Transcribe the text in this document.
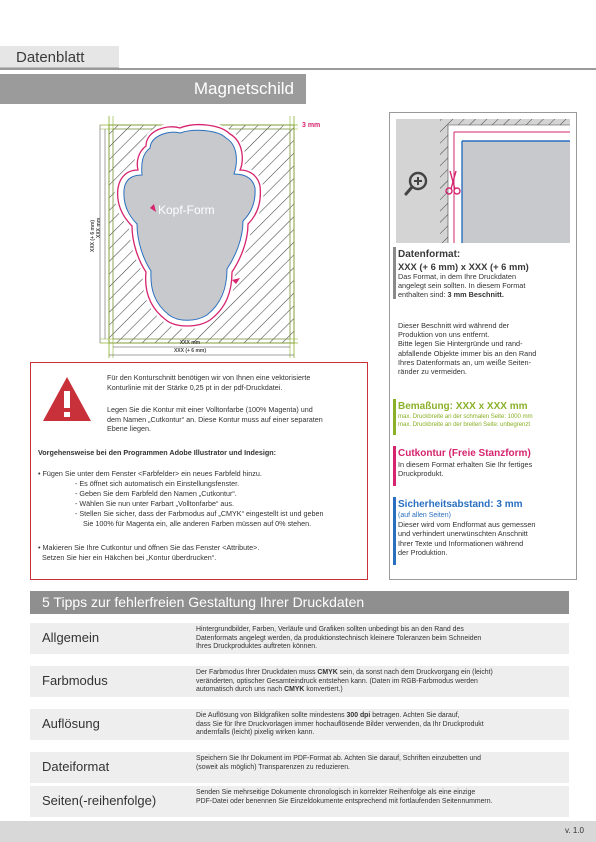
Datenblatt
Magnetschild
3 mm
Kopf-Form
XXX mm
XXX (+ 6 mm)
XXX (+ 6 mm) XXX mm
Datenformat:
XXX (+ 6 mm) x XXX (+ 6 mm)
Das Format, in dem Ihre Druckdaten
angelegt sein sollten. In diesem Format
enthalten sind: 3 mm Beschnitt.
Dieser Beschnitt wird während der
Produktion von uns entfernt.
Bitte legen Sie Hintergründe und rand-
abfallende Objekte immer bis an den Rand
Ihres Datenformats an, um weiße Seiten-
ränder zu vermeiden.
Bemaßung: XXX x XXX mm
max. Druckbreite an der schmalen Seite: 1000 mm
max. Druckbreite an der breiten Seite: unbegrenzt
Cutkontur (Freie Stanzform)
In diesem Format erhalten Sie Ihr fertiges
Druckprodukt.
Sicherheitsabstand: 3 mm
(auf allen Seiten)
Dieser wird vom Endformat aus gemessen
und verhindert unerwünschten Anschnitt
Ihrer Texte und Informationen während
der Produktion.
Für den Konturschnitt benötigen wir von Ihnen eine vektorisierte
Konturlinie mit der Stärke 0,25 pt in der pdf-Druckdatei.
Legen Sie die Kontur mit einer Volltonfarbe (100% Magenta) und
dem Namen „Cutkontur“ an. Diese Kontur muss auf einer separaten
Ebene liegen.
Vorgehensweise bei den Programmen Adobe Illustrator und Indesign:
• Fügen Sie unter dem Fenster <Farbfelder> ein neues Farbfeld hinzu.
- Es öffnet sich automatisch ein Einstellungsfenster.
- Geben Sie dem Farbfeld den Namen „Cutkontur“.
- Wählen Sie nun unter Farbart „Volltonfarbe“ aus.
- Stellen Sie sicher, dass der Farbmodus auf „CMYK“ eingestellt ist und geben
Sie 100% für Magenta ein, alle anderen Farben müssen auf 0% stehen.
• Makieren Sie Ihre Cutkontur und öffnen Sie das Fenster <Attribute>.
Setzen Sie hier ein Häkchen bei „Kontur überdrucken“.
5 Tipps zur fehlerfreien Gestaltung Ihrer Druckdaten
Allgemein
Hintergrundbilder, Farben, Verläufe und Grafiken sollten unbedingt bis an den Rand des
Datenformats angelegt werden, da produktionstechnisch kleinere Toleranzen beim Schneiden
Ihres Druckproduktes auftreten können.
Farbmodus
Der Farbmodus Ihrer Druckdaten muss CMYK sein, da sonst nach dem Druckvorgang ein (leicht)
veränderten, optischer Gesamteindruck entstehen kann. (Daten im RGB-Farbmodus werden
automatisch durch uns nach CMYK konvertiert.)
Auflösung
Die Auflösung von Bildgrafiken sollte mindestens 300 dpi betragen. Achten Sie darauf,
dass Sie für Ihre Druckvorlagen immer hochauflösende Bilder verwenden, da Ihr Druckprodukt
andernfalls (leicht) pixelig wirken kann.
Dateiformat
Speichern Sie Ihr Dokument im PDF-Format ab. Achten Sie darauf, Schriften einzubetten und
(soweit als möglich) Transparenzen zu reduzieren.
Seiten(-reihenfolge)
Senden Sie mehrseitige Dokumente chronologisch in korrekter Reihenfolge als eine einzige
PDF-Datei oder benennen Sie Einzeldokumente entsprechend mit fortlaufenden Seitennummern.
v. 1.0
